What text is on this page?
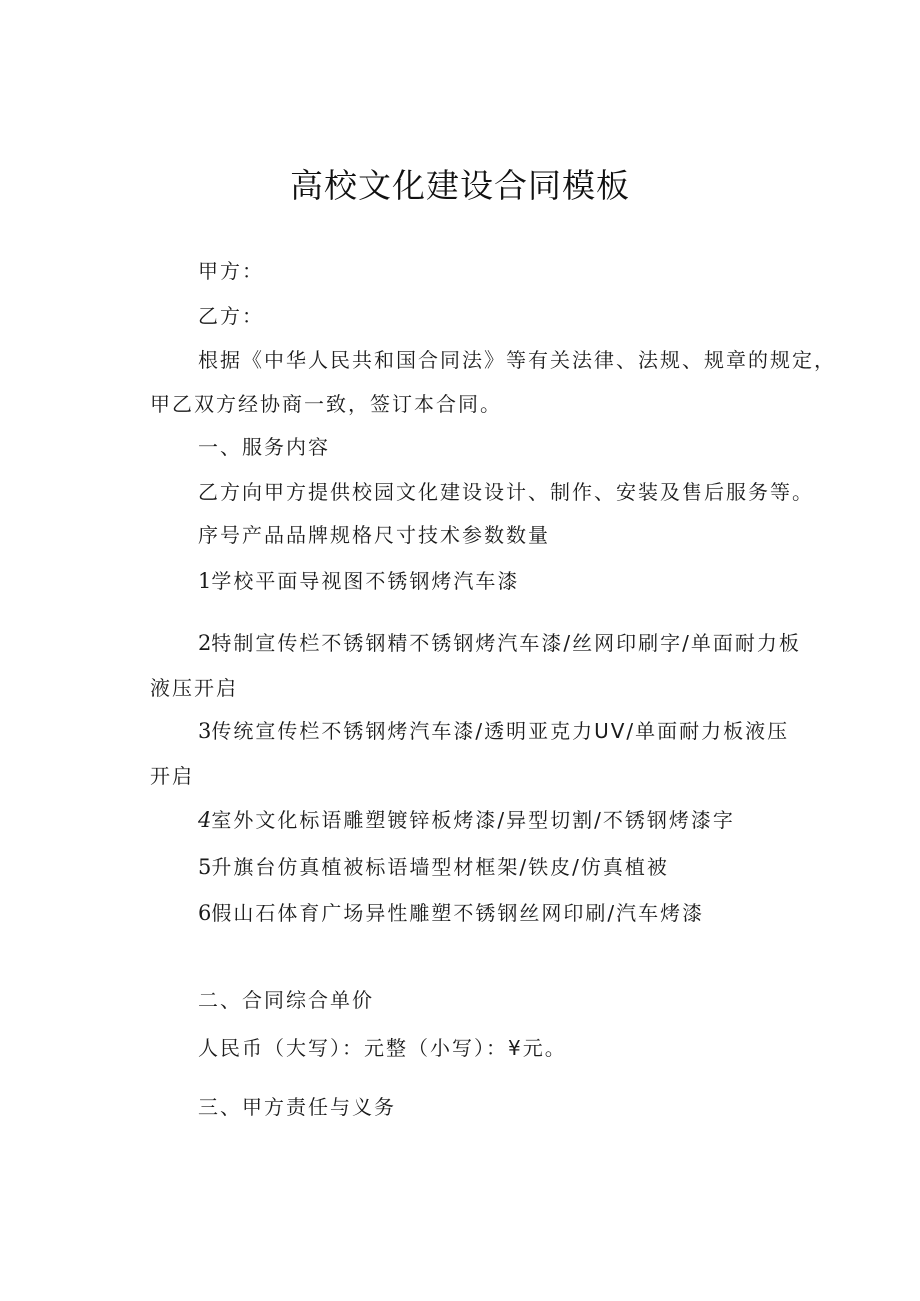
高校文化建设合同模板
甲方：
乙方：
根据《中华人民共和国合同法》等有关法律、法规、规章的规定，
甲乙双方经协商一致，签订本合同。
一、服务内容
乙方向甲方提供校园文化建设设计、制作、安装及售后服务等。
序号产品品牌规格尺寸技术参数数量
1学校平面导视图不锈钢烤汽车漆
2特制宣传栏不锈钢精不锈钢烤汽车漆/丝网印刷字/单面耐力板
液压开启
3传统宣传栏不锈钢烤汽车漆/透明亚克力UV/单面耐力板液压
开启
4室外文化标语雕塑镀锌板烤漆/异型切割/不锈钢烤漆字
5升旗台仿真植被标语墙型材框架/铁皮/仿真植被
6假山石体育广场异性雕塑不锈钢丝网印刷/汽车烤漆
二、合同综合单价
人民币（大写）：元整（小写）：¥元。
三、甲方责任与义务
